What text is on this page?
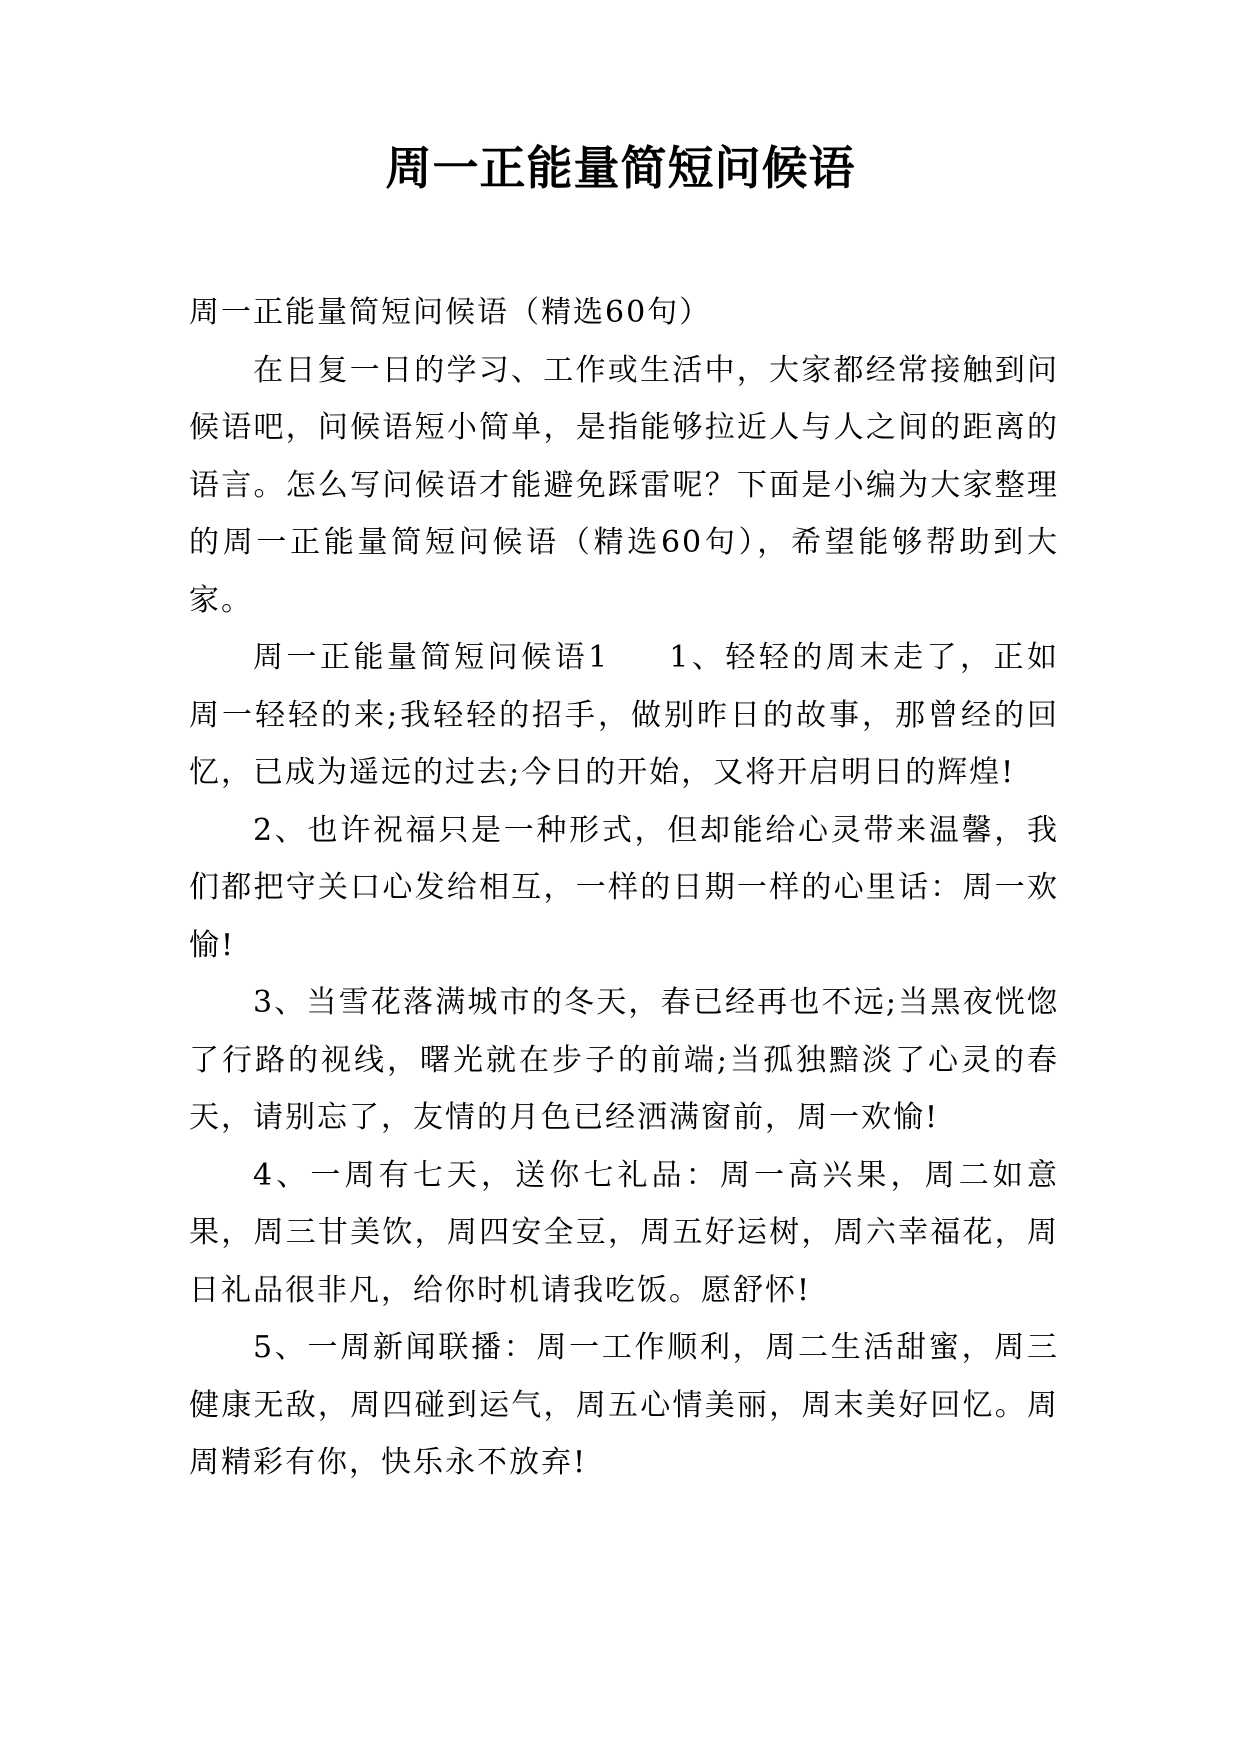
周一正能量简短问候语

周一正能量简短问候语（精选60句）

在日复一日的学习、工作或生活中，大家都经常接触到问候语吧，问候语短小简单，是指能够拉近人与人之间的距离的语言。怎么写问候语才能避免踩雷呢？下面是小编为大家整理的周一正能量简短问候语（精选60句），希望能够帮助到大家。

周一正能量简短问候语1 1、轻轻的周末走了，正如周一轻轻的来;我轻轻的招手，做别昨日的故事，那曾经的回忆，已成为遥远的过去;今日的开始，又将开启明日的辉煌!

2、也许祝福只是一种形式，但却能给心灵带来温馨，我们都把守关口心发给相互，一样的日期一样的心里话：周一欢愉!

3、当雪花落满城市的冬天，春已经再也不远;当黑夜恍惚了行路的视线，曙光就在步子的前端;当孤独黯淡了心灵的春天，请别忘了，友情的月色已经洒满窗前，周一欢愉!

4、一周有七天，送你七礼品：周一高兴果，周二如意果，周三甘美饮，周四安全豆，周五好运树，周六幸福花，周日礼品很非凡，给你时机请我吃饭。愿舒怀!

5、一周新闻联播：周一工作顺利，周二生活甜蜜，周三健康无敌，周四碰到运气，周五心情美丽，周末美好回忆。周周精彩有你，快乐永不放弃!
